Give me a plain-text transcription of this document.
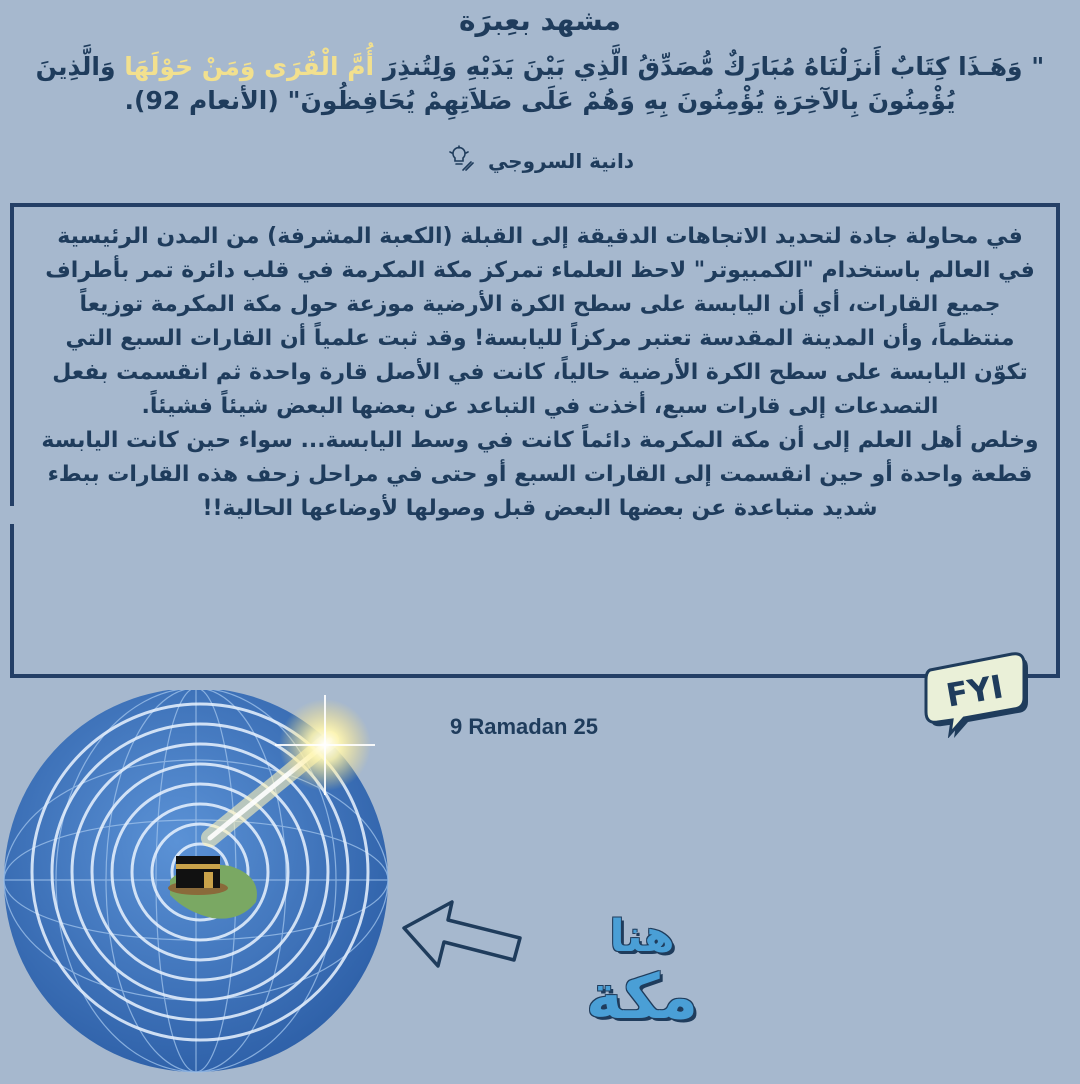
مشهد بعِبرَة
" وَهَـذَا كِتَابٌ أَنزَلْنَاهُ مُبَارَكٌ مُّصَدِّقُ الَّذِي بَيْنَ يَدَيْهِ وَلِتُنذِرَ أُمَّ الْقُرَى وَمَنْ حَوْلَهَا وَالَّذِينَ يُؤْمِنُونَ بِالآخِرَةِ يُؤْمِنُونَ بِهِ وَهُمْ عَلَى صَلاَتِهِمْ يُحَافِظُونَ" (الأنعام 92).
دانية السروجي

في محاولة جادة لتحديد الاتجاهات الدقيقة إلى القبلة (الكعبة المشرفة) من المدن الرئيسية في العالم باستخدام "الكمبيوتر" لاحظ العلماء تمركز مكة المكرمة في قلب دائرة تمر بأطراف جميع القارات، أي أن اليابسة على سطح الكرة الأرضية موزعة حول مكة المكرمة توزيعاً منتظماً، وأن المدينة المقدسة تعتبر مركزاً لليابسة! وقد ثبت علمياً أن القارات السبع التي تكوّن اليابسة على سطح الكرة الأرضية حالياً، كانت في الأصل قارة واحدة ثم انقسمت بفعل التصدعات إلى قارات سبع، أخذت في التباعد عن بعضها البعض شيئاً فشيئاً.

وخلص أهل العلم إلى أن مكة المكرمة دائماً كانت في وسط اليابسة... سواء حين كانت اليابسة قطعة واحدة أو حين انقسمت إلى القارات السبع أو حتى في مراحل زحف هذه القارات ببطء شديد متباعدة عن بعضها البعض قبل وصولها لأوضاعها الحالية!!

FYI
9 Ramadan 25
هنا
مكة
